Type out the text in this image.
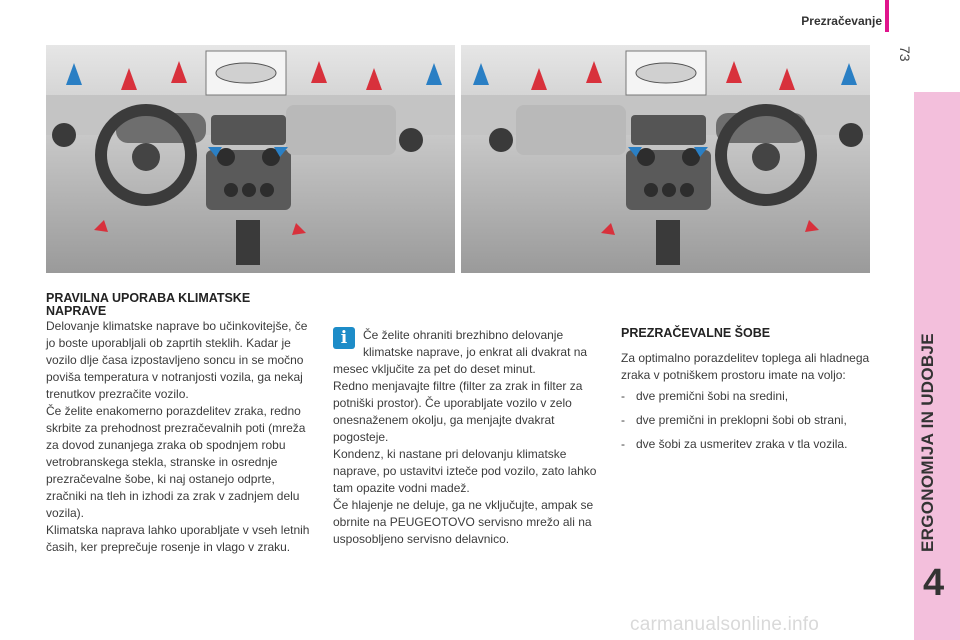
Prezračevanje
73
ERGONOMIJA IN UDOBJE
4

PRAVILNA UPORABA KLIMATSKE
NAPRAVE

Delovanje klimatske naprave bo učinkovitejše, če jo boste uporabljali ob zaprtih steklih. Kadar je vozilo dlje časa izpostavljeno soncu in se močno poviša temperatura v notranjosti vozila, ga nekaj trenutkov prezračite vozilo.

Če želite enakomerno porazdelitev zraka, redno skrbite za prehodnost prezračevalnih poti (mreža za dovod zunanjega zraka ob spodnjem robu vetrobranskega stekla, stranske in osrednje prezračevalne šobe, ki naj ostanejo odprte, zračniki na tleh in izhodi za zrak v zadnjem delu vozila).

Klimatska naprava lahko uporabljate v vseh letnih časih, ker preprečuje rosenje in vlago v zraku.

i	Če želite ohraniti brezhibno delovanje klimatske naprave, jo enkrat ali dvakrat na mesec vključite za pet do deset minut.

Redno menjavajte filtre (filter za zrak in filter za potniški prostor). Če uporabljate vozilo v zelo onesnaženem okolju, ga menjajte dvakrat pogosteje.

Kondenz, ki nastane pri delovanju klimatske naprave, po ustavitvi izteče pod vozilo, zato lahko tam opazite vodni madež.

Če hlajenje ne deluje, ga ne vključujte, ampak se obrnite na PEUGEOTOVO servisno mrežo ali na usposobljeno servisno delavnico.

PREZRAČEVALNE ŠOBE

Za optimalno porazdelitev toplega ali hladnega zraka v potniškem prostoru imate na voljo:

- dve premični šobi na sredini,
- dve premični in preklopni šobi ob strani,
- dve šobi za usmeritev zraka v tla vozila.
carmanualsonline.info
